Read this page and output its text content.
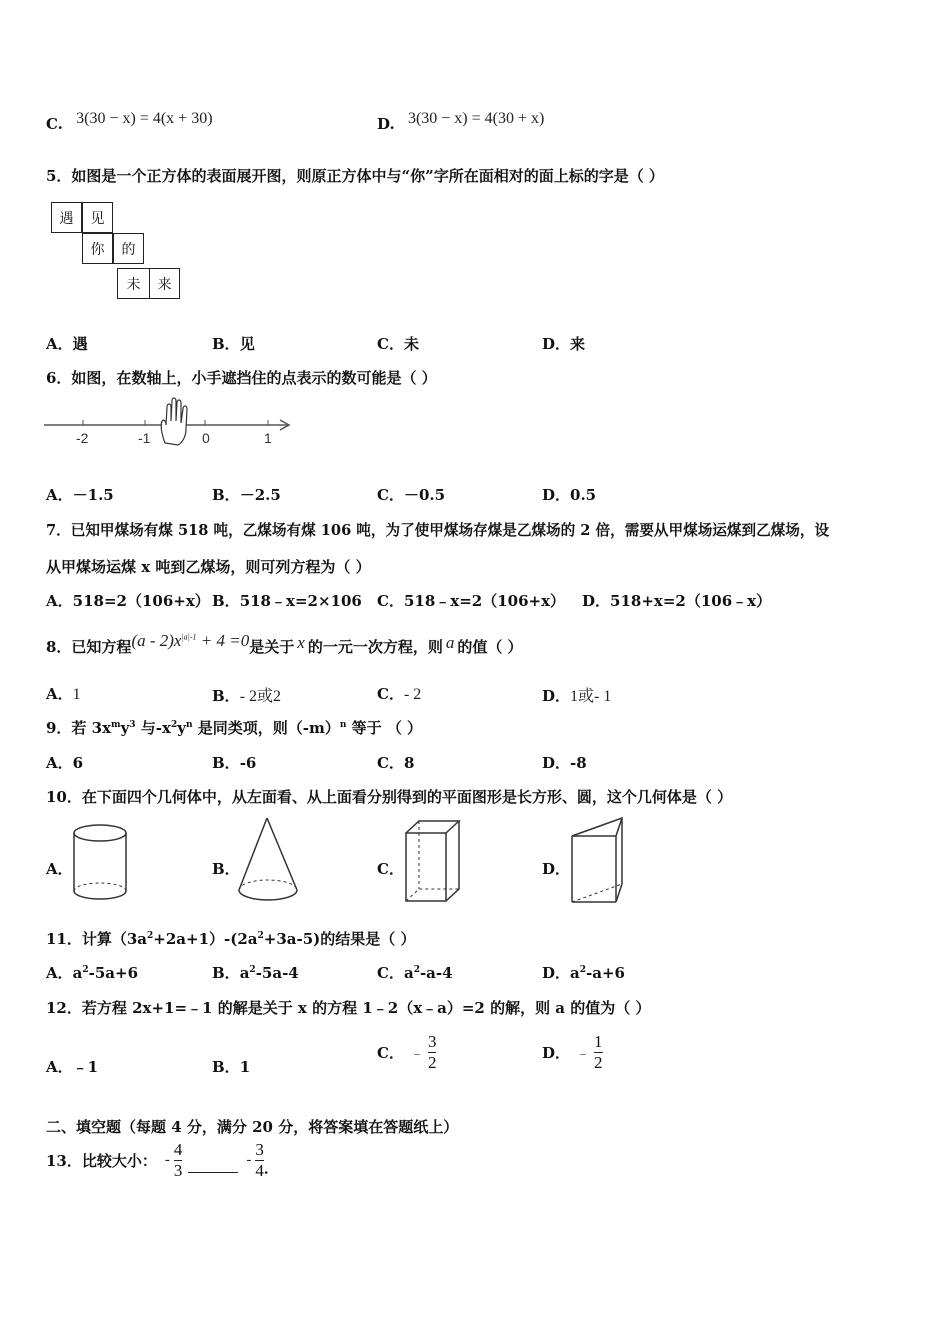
C. 3(30 − x) = 4(x + 30)	D. 3(30 − x) = 4(30 + x)
5．如图是一个正方体的表面展开图，则原正方体中与“你”字所在面相对的面上标的字是（ ）
遇	见
你	的
未	来
A．遇	B．见	C．未	D．来
6．如图，在数轴上，小手遮挡住的点表示的数可能是（ ）
-2	-1	0	1
A．－1.5	B．－2.5	C．－0.5	D．0.5
7．已知甲煤场有煤 518 吨，乙煤场有煤 106 吨，为了使甲煤场存煤是乙煤场的 2 倍，需要从甲煤场运煤到乙煤场，设
从甲煤场运煤 x 吨到乙煤场，则可列方程为（ ）
A．518=2（106+x） B．518﹣x=2×106 C．518﹣x=2（106+x） D．518+x=2（106﹣x）
8．已知方程$(a - 2)x^{|a|-1} + 4 =0$是关于 x 的一元一次方程，则 a 的值（ ）
A．1	B．- 2或2	C．- 2	D．1或- 1
9．若 $3x^my^3$ 与$-x^2y^n$ 是同类项，则$(-m)^n$ 等于 （ ）
A．6	B．-6	C．8	D．-8
10．在下面四个几何体中，从左面看、从上面看分别得到的平面图形是长方形、圆，这个几何体是（ ）
A．	B．	C．	D．
11．计算$(3a^2+2a+1)-(2a^2+3a-5)$的结果是（ ）
A．$a^2-5a+6$	B．$a^2-5a-4$	C．$a^2-a-4$	D．$a^2-a+6$
12．若方程 2x+1=﹣1 的解是关于 x 的方程 1﹣2（x﹣a）=2 的解，则 a 的值为（ ）
A．﹣1	B．1
C． ﹣ $\frac{3}{2}$	D． ﹣ $\frac{1}{2}$
二、填空题（每题 4 分，满分 20 分，将答案填在答题纸上）
13．比较大小： - $\frac{4}{3}$	- $\frac{3}{4}$ ．
